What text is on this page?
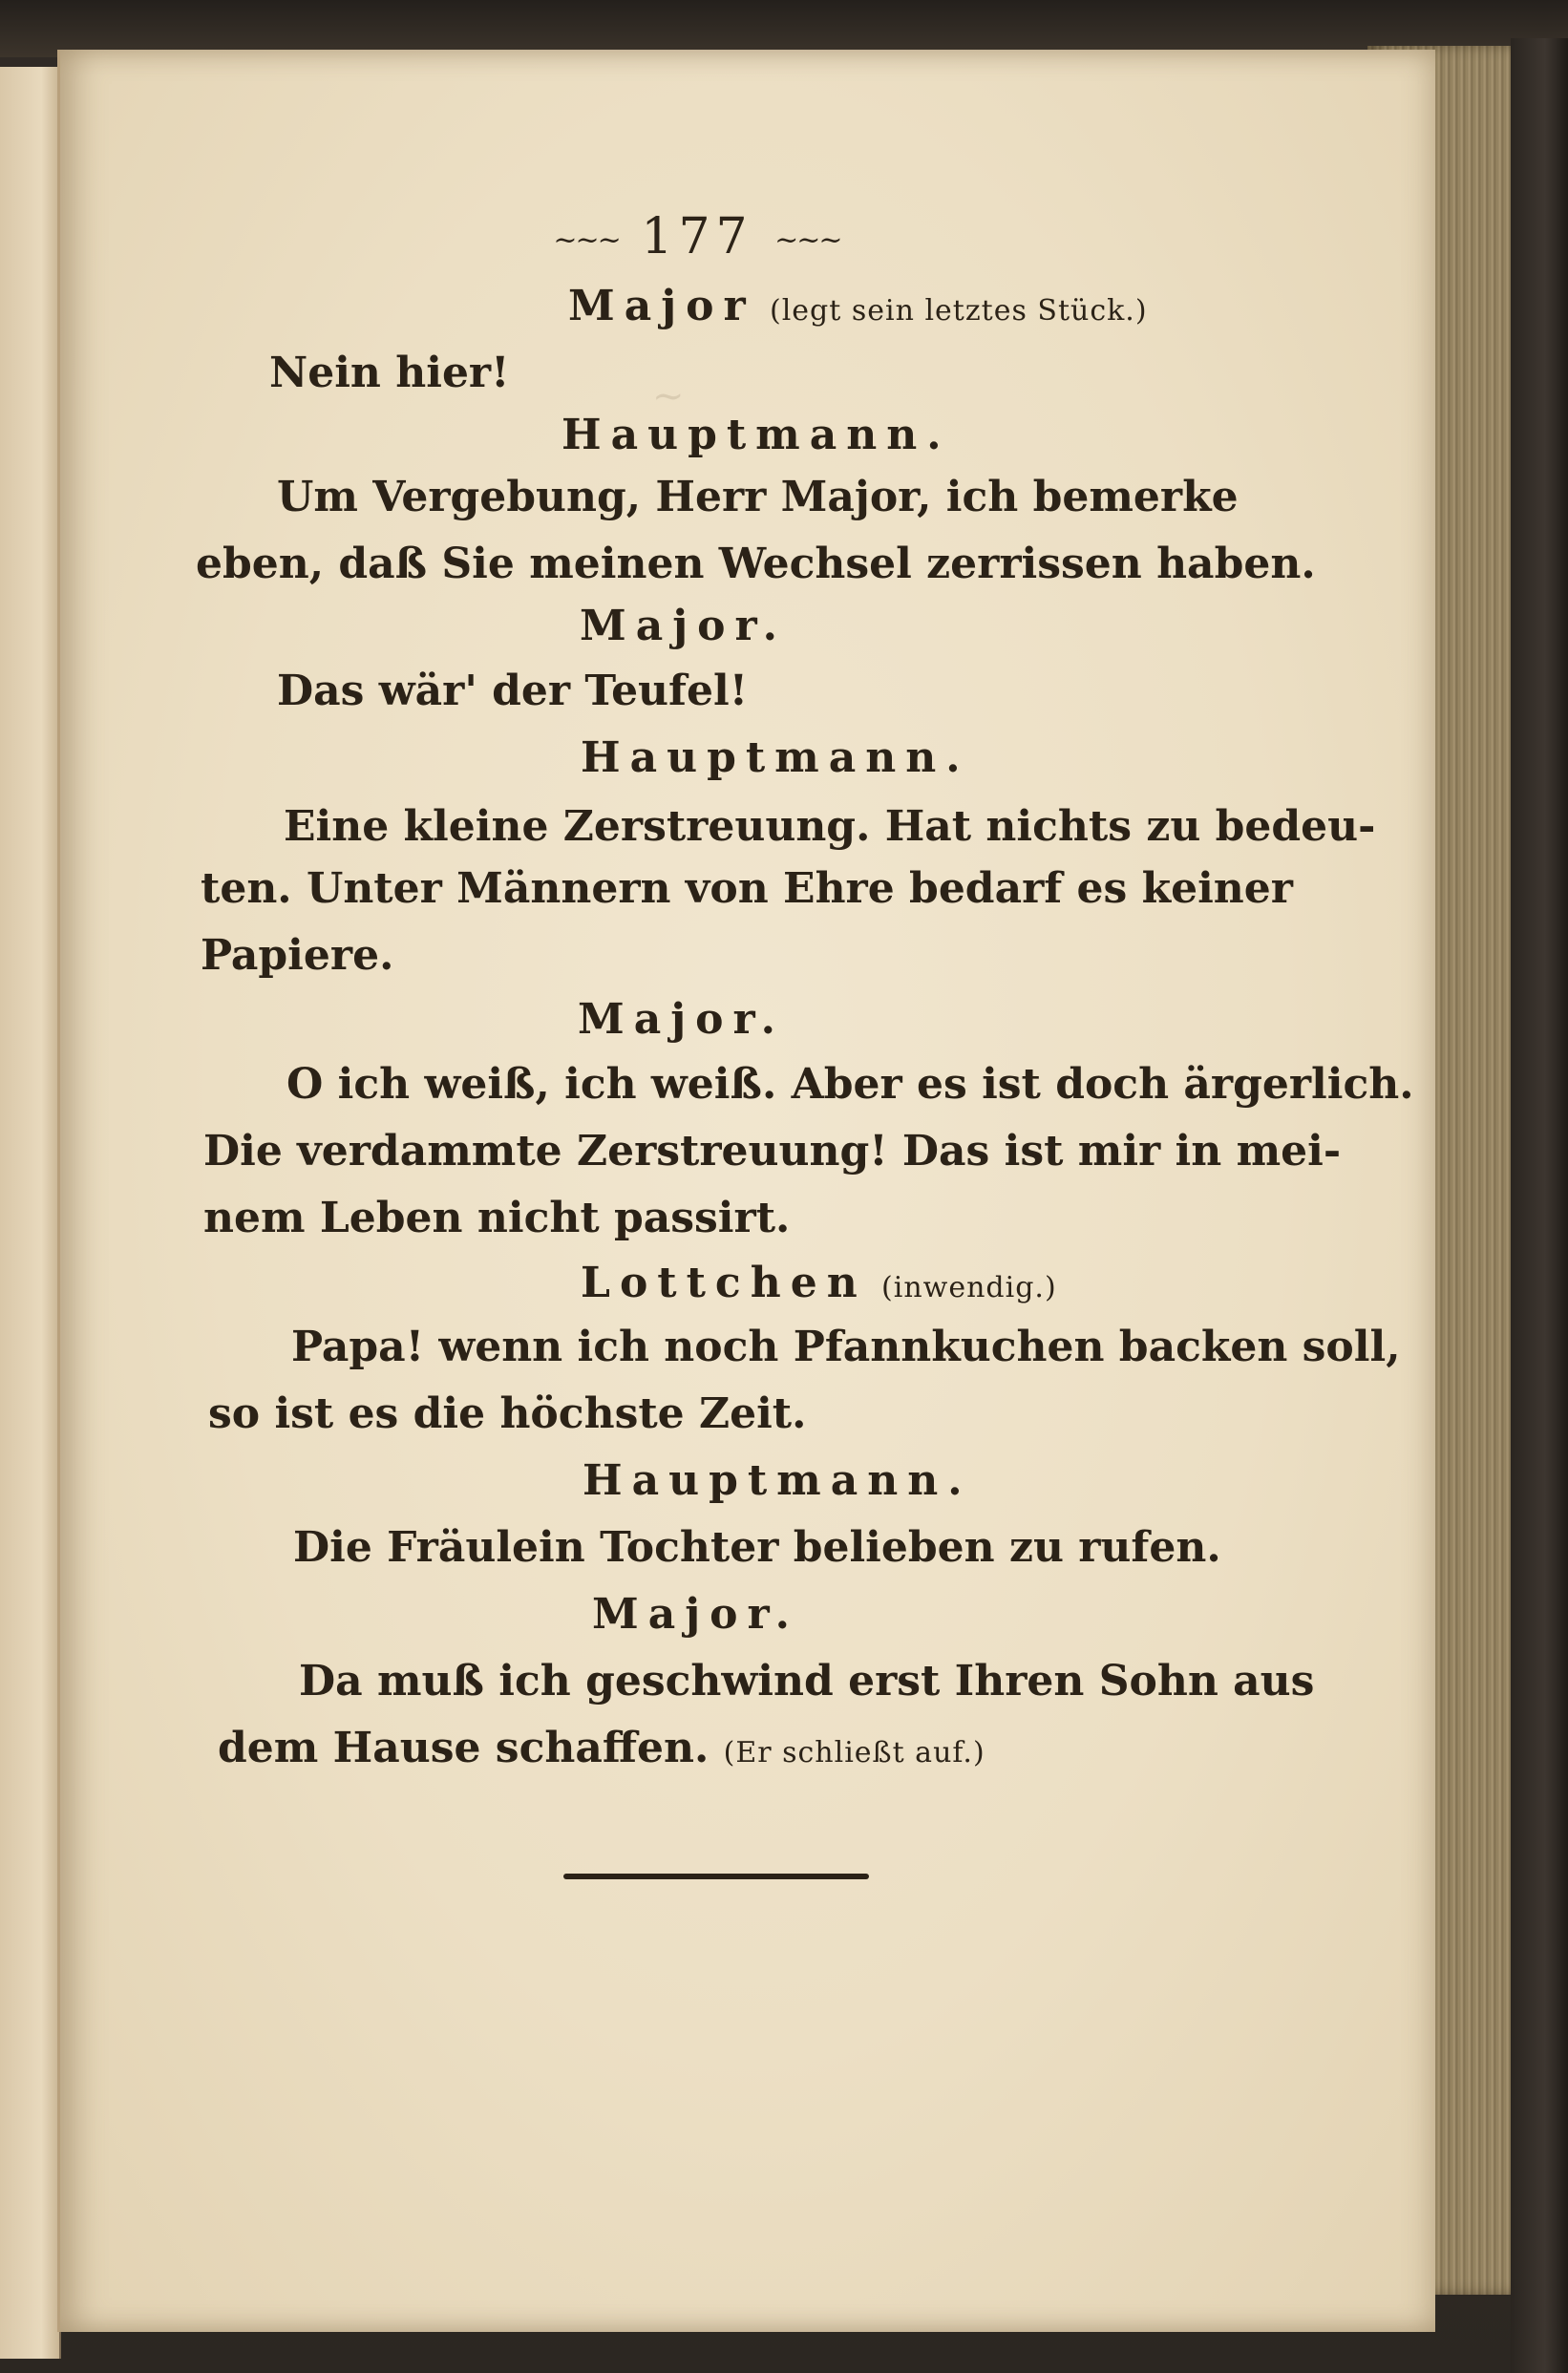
~
~~~ 177 ~~~
Major (legt sein letztes Stück.)
Nein hier!
Hauptmann.
Um Vergebung, Herr Major, ich bemerke
eben, daß Sie meinen Wechsel zerrissen haben.
Major.
Das wär' der Teufel!
Hauptmann.
Eine kleine Zerstreuung. Hat nichts zu bedeu-
ten. Unter Männern von Ehre bedarf es keiner
Papiere.
Major.
O ich weiß, ich weiß. Aber es ist doch ärgerlich.
Die verdammte Zerstreuung! Das ist mir in mei-
nem Leben nicht passirt.
Lottchen (inwendig.)
Papa! wenn ich noch Pfannkuchen backen soll,
so ist es die höchste Zeit.
Hauptmann.
Die Fräulein Tochter belieben zu rufen.
Major.
Da muß ich geschwind erst Ihren Sohn aus
dem Hause schaffen. (Er schließt auf.)
